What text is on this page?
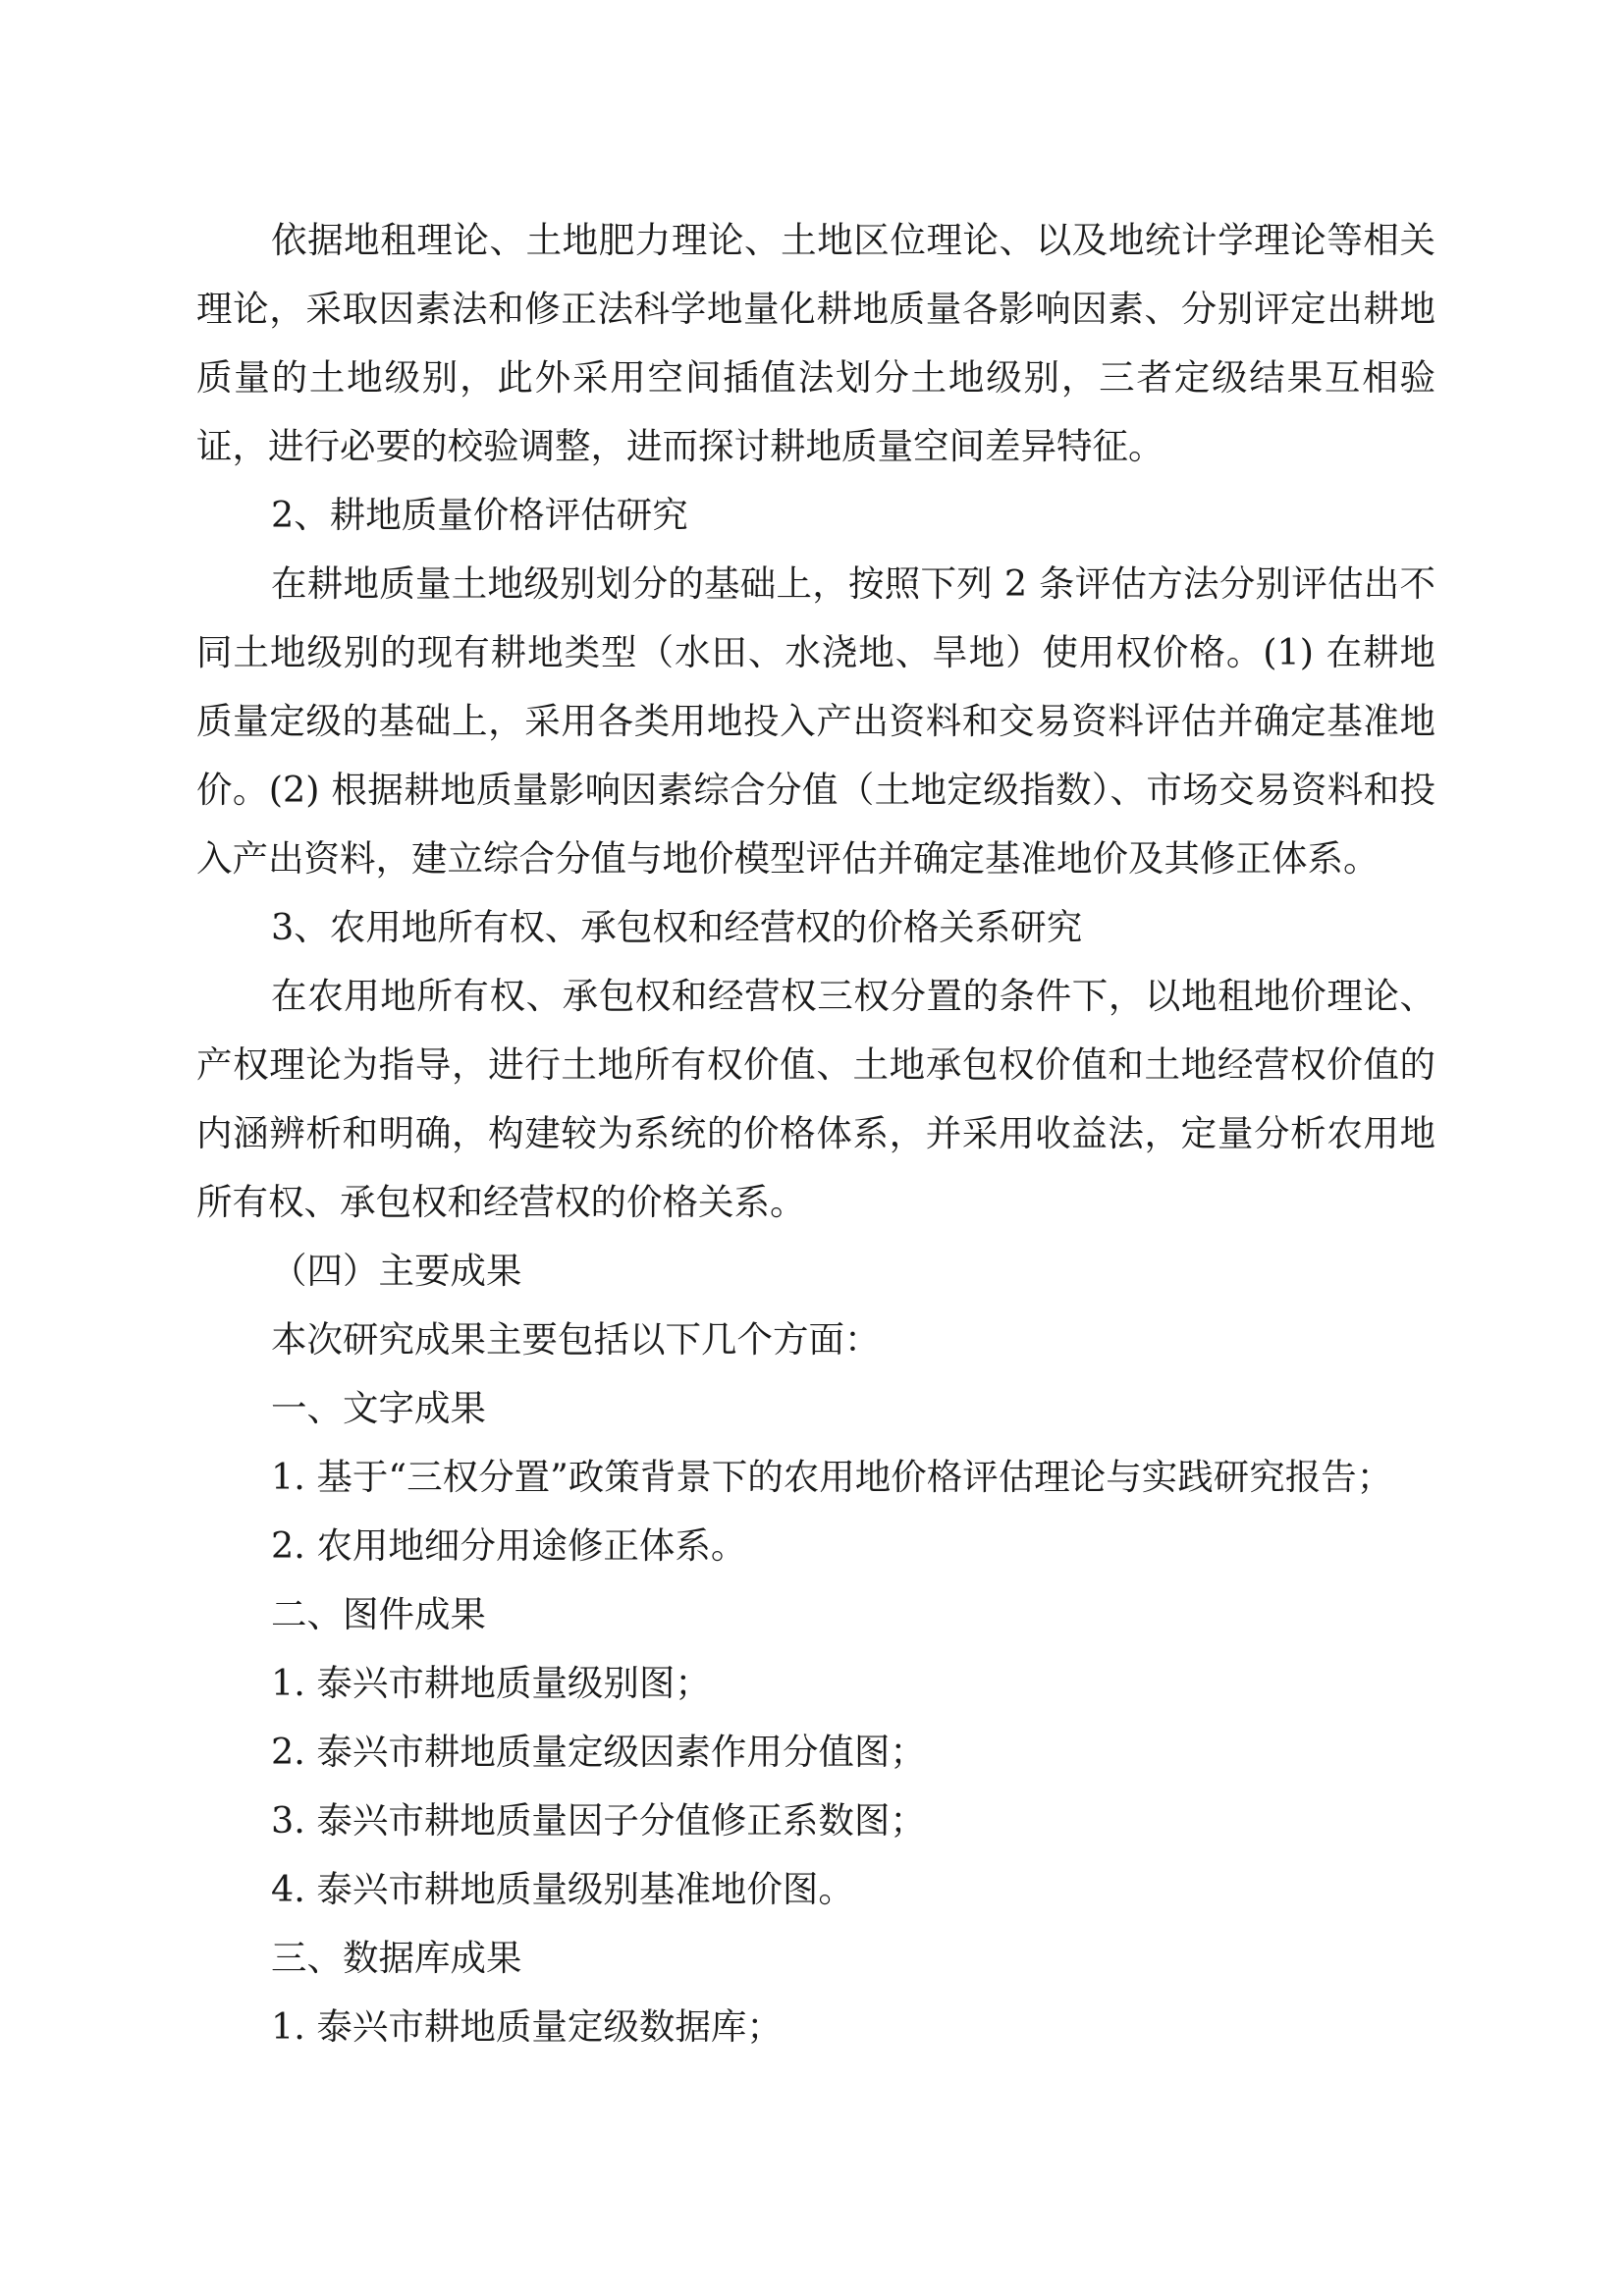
依据地租理论、土地肥力理论、土地区位理论、以及地统计学理论等相关理论，采取因素法和修正法科学地量化耕地质量各影响因素、分别评定出耕地质量的土地级别，此外采用空间插值法划分土地级别，三者定级结果互相验证，进行必要的校验调整，进而探讨耕地质量空间差异特征。

2、耕地质量价格评估研究

在耕地质量土地级别划分的基础上，按照下列 2 条评估方法分别评估出不同土地级别的现有耕地类型（水田、水浇地、旱地）使用权价格。(1) 在耕地质量定级的基础上，采用各类用地投入产出资料和交易资料评估并确定基准地价。(2) 根据耕地质量影响因素综合分值（土地定级指数）、市场交易资料和投入产出资料，建立综合分值与地价模型评估并确定基准地价及其修正体系。

3、农用地所有权、承包权和经营权的价格关系研究

在农用地所有权、承包权和经营权三权分置的条件下，以地租地价理论、产权理论为指导，进行土地所有权价值、土地承包权价值和土地经营权价值的内涵辨析和明确，构建较为系统的价格体系，并采用收益法，定量分析农用地所有权、承包权和经营权的价格关系。

（四）主要成果

本次研究成果主要包括以下几个方面：

一、文字成果

1. 基于“三权分置”政策背景下的农用地价格评估理论与实践研究报告；

2. 农用地细分用途修正体系。

二、图件成果

1. 泰兴市耕地质量级别图；

2. 泰兴市耕地质量定级因素作用分值图；

3. 泰兴市耕地质量因子分值修正系数图；

4. 泰兴市耕地质量级别基准地价图。

三、数据库成果

1. 泰兴市耕地质量定级数据库；
